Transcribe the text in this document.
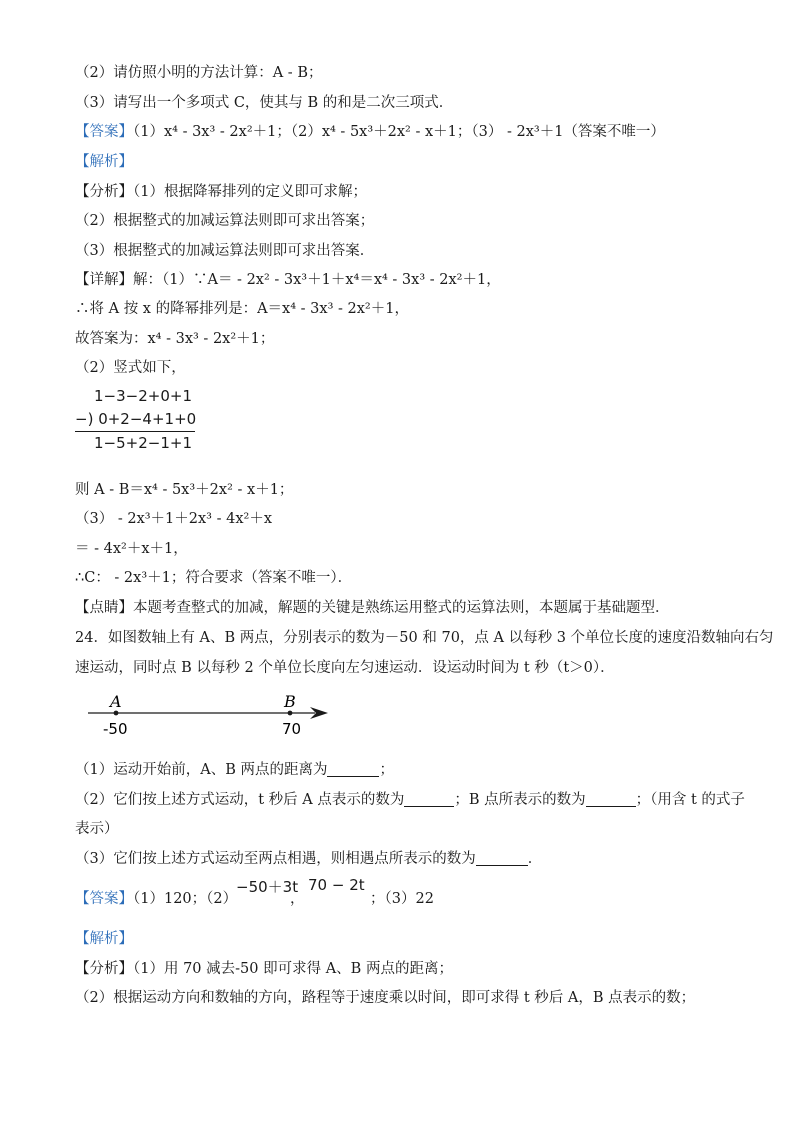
（2）请仿照小明的方法计算：A - B；
（3）请写出一个多项式 C，使其与 B 的和是二次三项式．
【答案】（1）x⁴ - 3x³ - 2x²＋1；（2）x⁴ - 5x³＋2x² - x＋1；（3） - 2x³＋1（答案不唯一）
【解析】
【分析】（1）根据降幂排列的定义即可求解；
（2）根据整式的加减运算法则即可求出答案；
（3）根据整式的加减运算法则即可求出答案．
【详解】解：（1）∵A＝ - 2x² - 3x³＋1＋x⁴＝x⁴ - 3x³ - 2x²＋1，
∴将 A 按 x 的降幂排列是：A＝x⁴ - 3x³ - 2x²＋1，
故答案为：x⁴ - 3x³ - 2x²＋1；
（2）竖式如下，
1−3−2+0+1
−) 0+2−4+1+0
1−5+2−1+1
则 A - B＝x⁴ - 5x³＋2x² - x＋1；
（3） - 2x³＋1＋2x³ - 4x²＋x
＝ - 4x²＋x＋1，
∴C： - 2x³＋1；符合要求（答案不唯一）．
【点睛】本题考查整式的加减，解题的关键是熟练运用整式的运算法则，本题属于基础题型．
24．如图数轴上有 A、B 两点，分别表示的数为－50 和 70，点 A 以每秒 3 个单位长度的速度沿数轴向右匀
速运动，同时点 B 以每秒 2 个单位长度向左匀速运动．设运动时间为 t 秒（t＞0）．
A	B
-50	70
（1）运动开始前，A、B 两点的距离为	；
（2）它们按上述方式运动，t 秒后 A 点表示的数为	；B 点所表示的数为	；（用含 t 的式子
表示）
（3）它们按上述方式运动至两点相遇，则相遇点所表示的数为	．
【答案】（1）120；（2）
−50＋3t
，
70 − 2t
；（3）22
【解析】
【分析】（1）用 70 减去-50 即可求得 A、B 两点的距离；
（2）根据运动方向和数轴的方向，路程等于速度乘以时间，即可求得 t 秒后 A，B 点表示的数；
